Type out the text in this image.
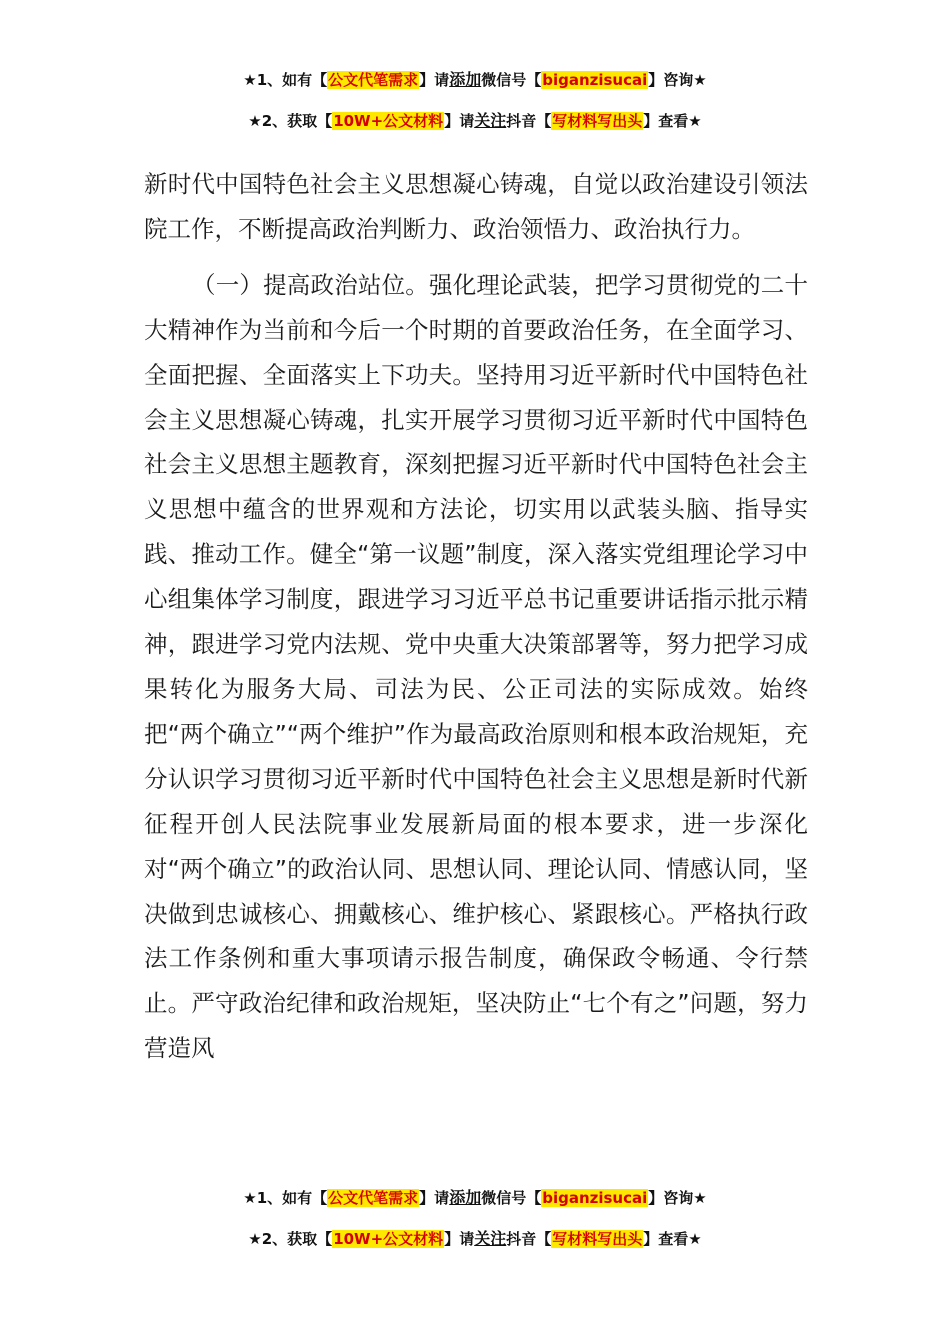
★1、如有【公文代笔需求】请添加微信号【biganzisucai】咨询★
★2、获取【10W+公文材料】请关注抖音【写材料写出头】查看★

新时代中国特色社会主义思想凝心铸魂，自觉以政治建设引领法院工作，不断提高政治判断力、政治领悟力、政治执行力。

（一）提高政治站位。强化理论武装，把学习贯彻党的二十大精神作为当前和今后一个时期的首要政治任务，在全面学习、全面把握、全面落实上下功夫。坚持用习近平新时代中国特色社会主义思想凝心铸魂，扎实开展学习贯彻习近平新时代中国特色社会主义思想主题教育，深刻把握习近平新时代中国特色社会主义思想中蕴含的世界观和方法论，切实用以武装头脑、指导实践、推动工作。健全“第一议题”制度，深入落实党组理论学习中心组集体学习制度，跟进学习习近平总书记重要讲话指示批示精神，跟进学习党内法规、党中央重大决策部署等，努力把学习成果转化为服务大局、司法为民、公正司法的实际成效。始终把“两个确立”“两个维护”作为最高政治原则和根本政治规矩，充分认识学习贯彻习近平新时代中国特色社会主义思想是新时代新征程开创人民法院事业发展新局面的根本要求，进一步深化对“两个确立”的政治认同、思想认同、理论认同、情感认同，坚决做到忠诚核心、拥戴核心、维护核心、紧跟核心。严格执行政法工作条例和重大事项请示报告制度，确保政令畅通、令行禁止。严守政治纪律和政治规矩，坚决防止“七个有之”问题，努力营造风

★1、如有【公文代笔需求】请添加微信号【biganzisucai】咨询★
★2、获取【10W+公文材料】请关注抖音【写材料写出头】查看★
